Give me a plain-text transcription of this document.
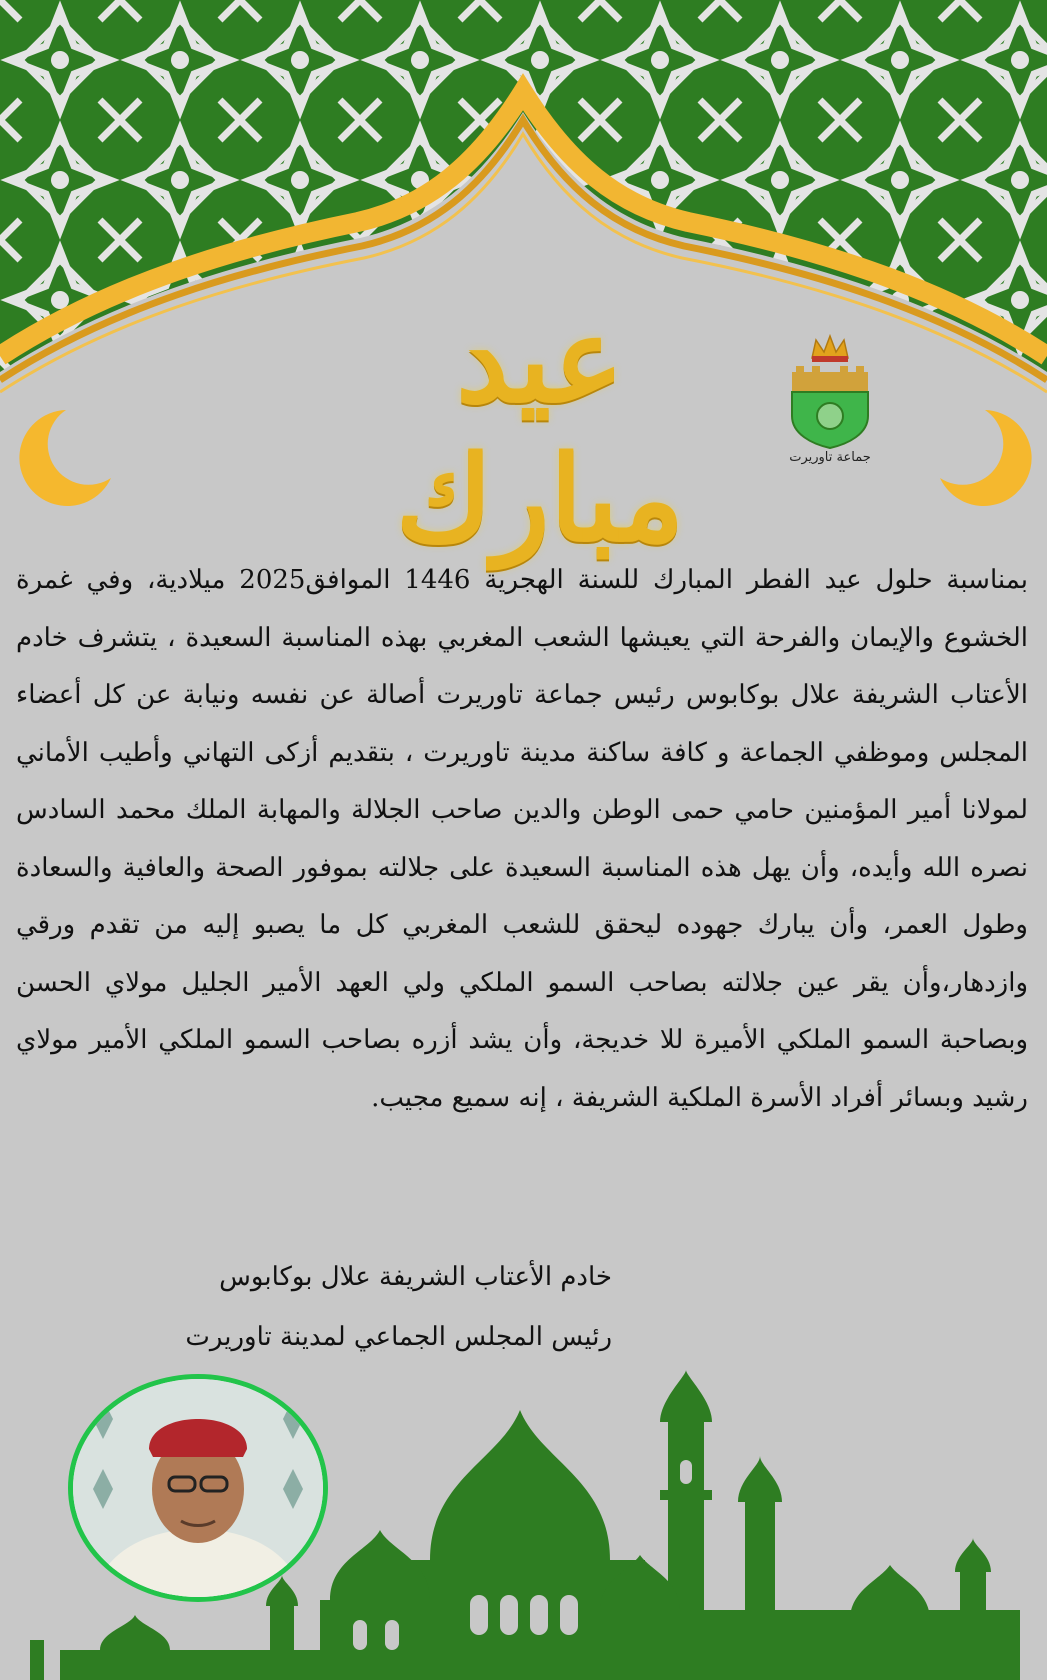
عيد مبارك	جماعة تاوريرت
بمناسبة حلول عيد الفطر المبارك للسنة الهجرية 1446 الموافق2025 ميلادية، وفي غمرة الخشوع والإيمان والفرحة التي يعيشها الشعب المغربي بهذه المناسبة السعيدة ، يتشرف خادم الأعتاب الشريفة علال بوكابوس رئيس جماعة تاوريرت أصالة عن نفسه ونيابة عن كل أعضاء المجلس وموظفي الجماعة و كافة ساكنة مدينة تاوريرت ، بتقديم أزكى التهاني وأطيب الأماني لمولانا أمير المؤمنين حامي حمى الوطن والدين صاحب الجلالة والمهابة الملك محمد السادس نصره الله وأيده، وأن يهل هذه المناسبة السعيدة على جلالته بموفور الصحة والعافية والسعادة وطول العمر، وأن يبارك جهوده ليحقق للشعب المغربي كل ما يصبو إليه من تقدم ورقي وازدهار،وأن يقر عين جلالته بصاحب السمو الملكي ولي العهد الأمير الجليل مولاي الحسن وبصاحبة السمو الملكي الأميرة للا خديجة، وأن يشد أزره بصاحب السمو الملكي الأمير مولاي رشيد وبسائر أفراد الأسرة الملكية الشريفة ، إنه سميع مجيب.
خادم الأعتاب الشريفة علال بوكابوس
رئيس المجلس الجماعي لمدينة تاوريرت
